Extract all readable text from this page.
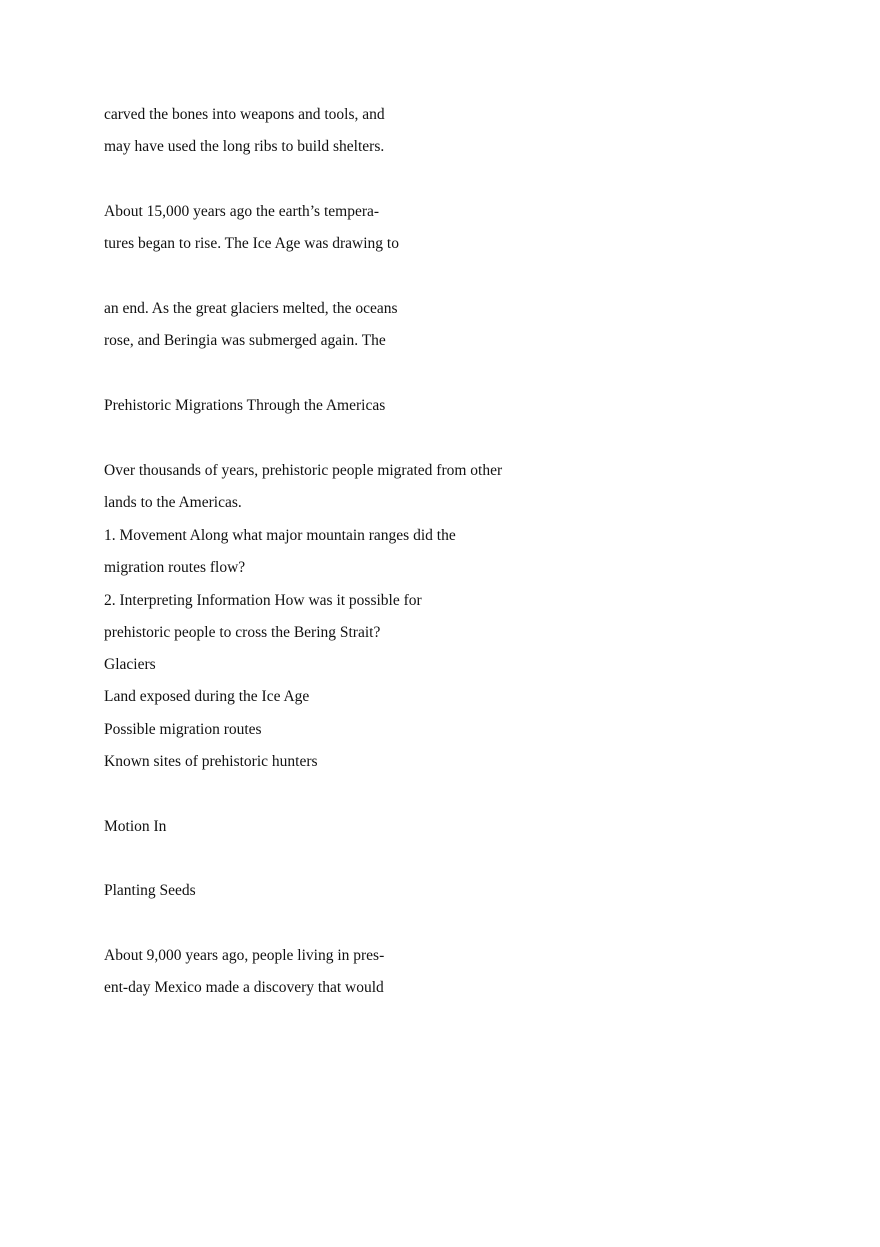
carved the bones into weapons and tools, and

may have used the long ribs to build shelters.

About 15,000 years ago the earth’s tempera-

tures began to rise. The Ice Age was drawing to

an end. As the great glaciers melted, the oceans

rose, and Beringia was submerged again. The

Prehistoric Migrations Through the Americas

Over thousands of years, prehistoric people migrated from other

lands to the Americas.

1. Movement Along what major mountain ranges did the

migration routes flow?

2. Interpreting Information How was it possible for

prehistoric people to cross the Bering Strait?

Glaciers

Land exposed during the Ice Age

Possible migration routes

Known sites of prehistoric hunters

Motion In

Planting Seeds

About 9,000 years ago, people living in pres-

ent-day Mexico made a discovery that would
